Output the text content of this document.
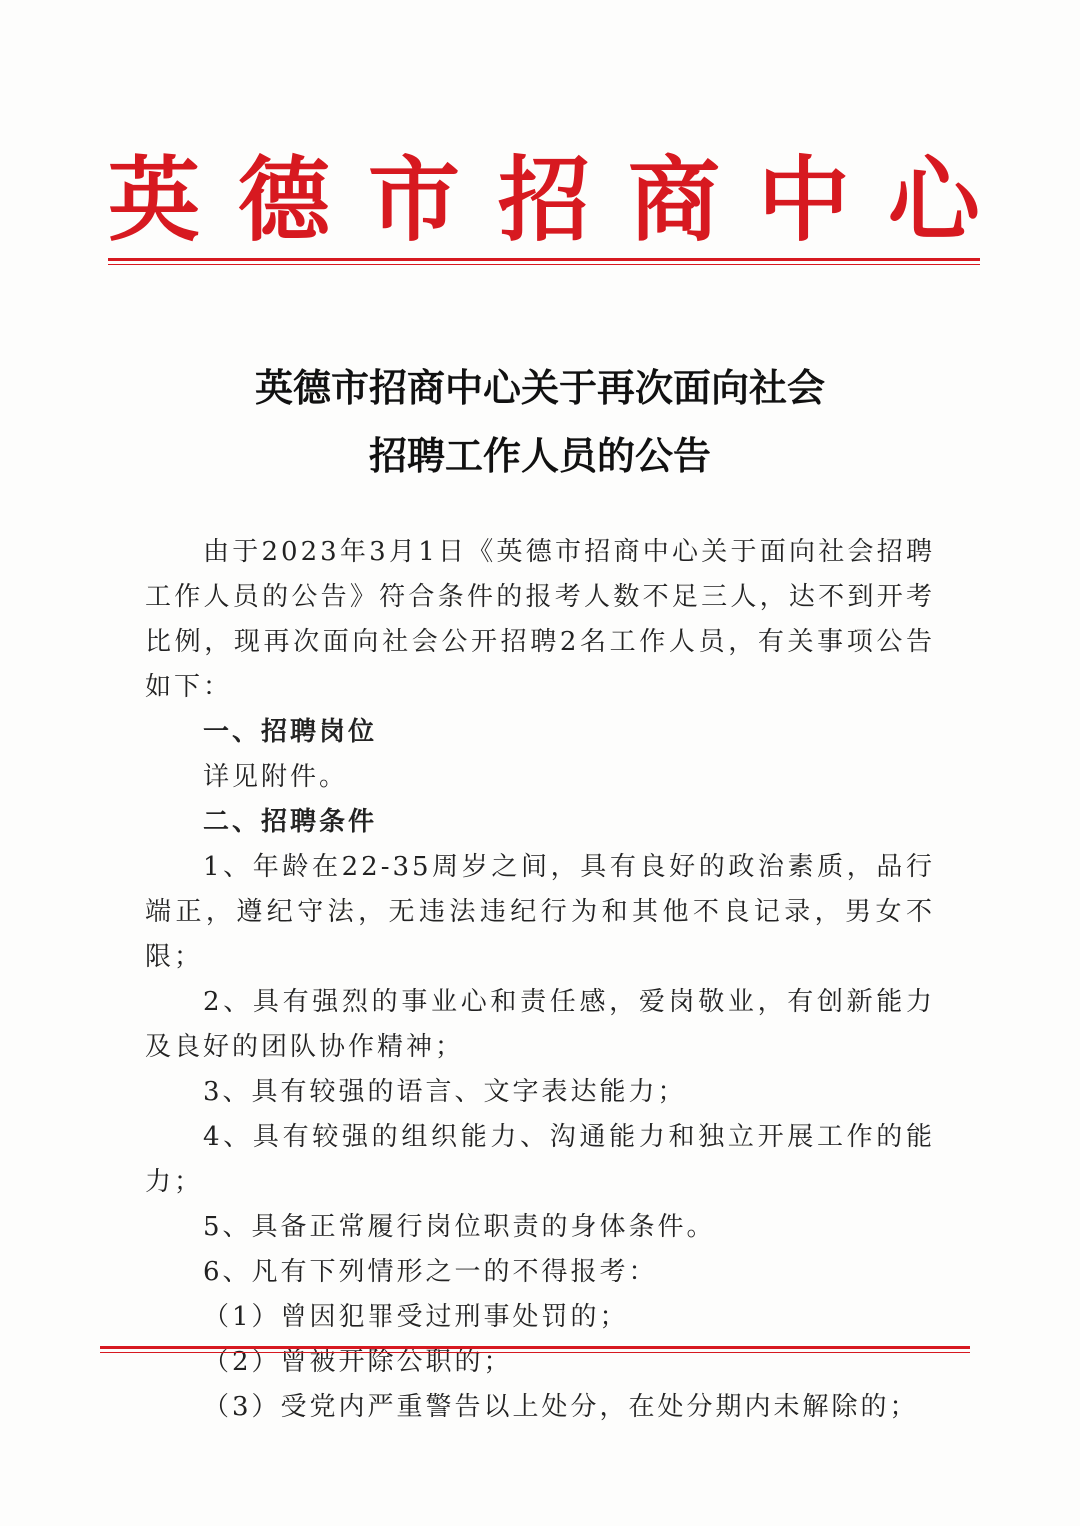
英 德 市 招 商 中 心
英德市招商中心关于再次面向社会
招聘工作人员的公告

由于2023年3月1日《英德市招商中心关于面向社会招聘工作人员的公告》符合条件的报考人数不足三人，达不到开考比例，现再次面向社会公开招聘2名工作人员，有关事项公告如下：

一、招聘岗位

详见附件。

二、招聘条件

1、年龄在22-35周岁之间，具有良好的政治素质，品行端正，遵纪守法，无违法违纪行为和其他不良记录，男女不限；

2、具有强烈的事业心和责任感，爱岗敬业，有创新能力及良好的团队协作精神；

3、具有较强的语言、文字表达能力；

4、具有较强的组织能力、沟通能力和独立开展工作的能力；

5、具备正常履行岗位职责的身体条件。

6、凡有下列情形之一的不得报考：

（1）曾因犯罪受过刑事处罚的；

（2）曾被开除公职的；

（3）受党内严重警告以上处分，在处分期内未解除的；
